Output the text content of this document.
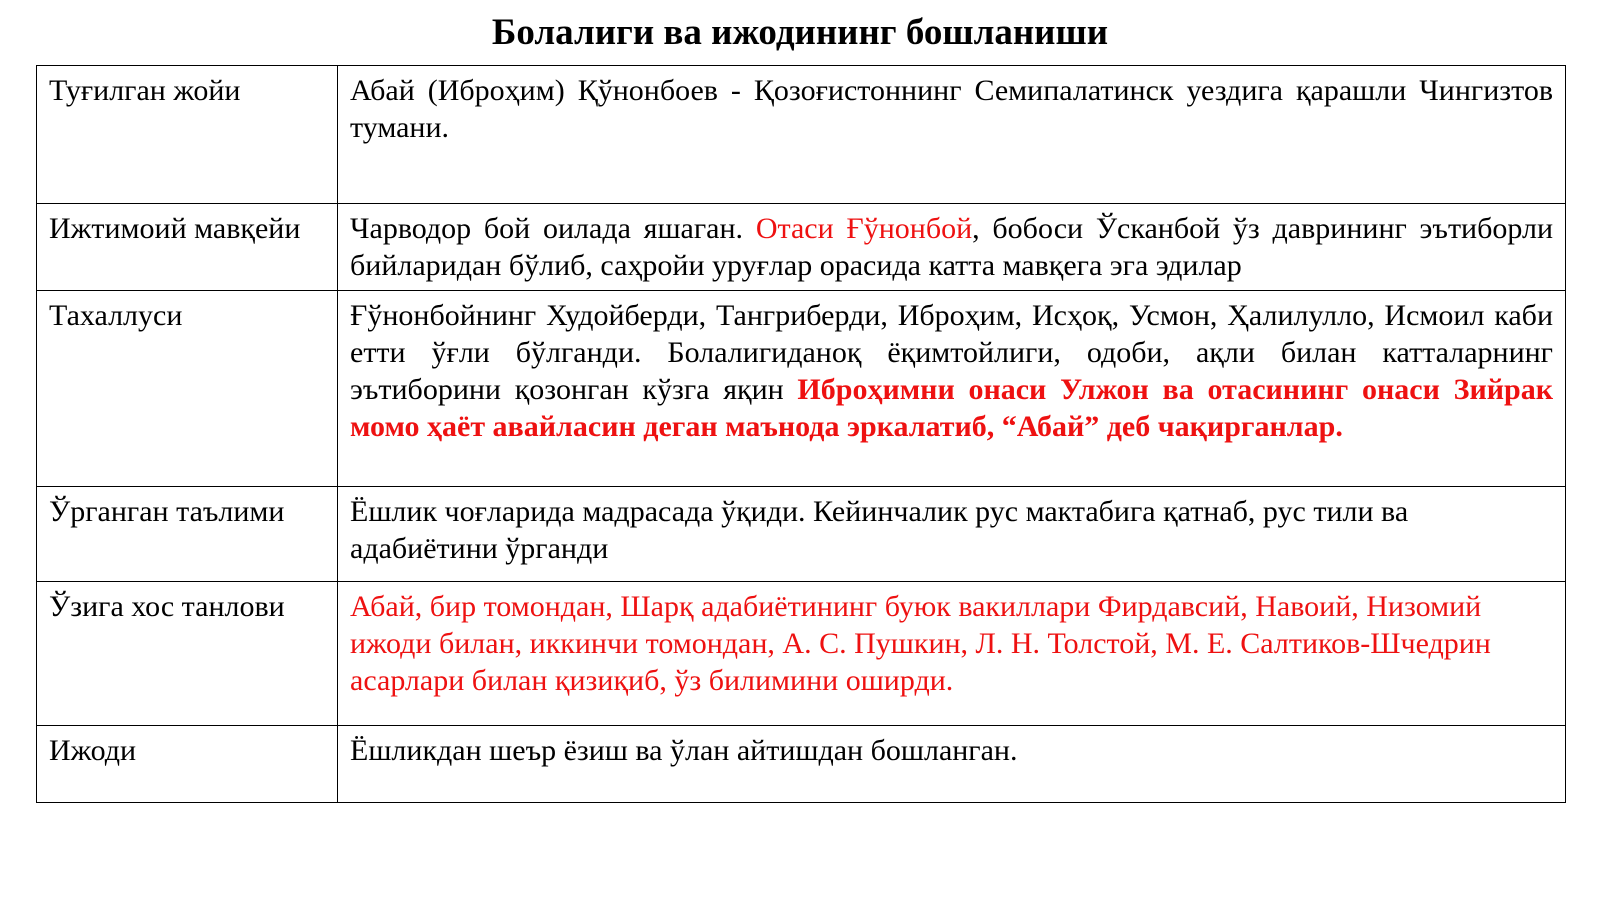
Болалиги ва ижодининг бошланиши
Туғилган жойи	Абай (Иброҳим) Қўнонбоев - Қозоғистоннинг Семипалатинск уездига қарашли Чингизтов тумани.
Ижтимоий мавқейи	Чарводор бой оилада яшаган. Отаси Ғўнонбой, бобоси Ўсканбой ўз даврининг эътиборли бийларидан бўлиб, саҳройи уруғлар орасида катта мавқега эга эдилар
Тахаллуси	Ғўнонбойнинг Худойберди, Тангриберди, Иброҳим, Исҳоқ, Усмон, Ҳалилулло, Исмоил каби етти ўғли бўлганди. Болалигиданоқ ёқимтойлиги, одоби, ақли билан катталарнинг эътиборини қозонган кўзга яқин Иброҳимни онаси Улжон ва отасининг онаси Зийрак момо ҳаёт авайласин деган маънода эркалатиб, “Абай” деб чақирганлар.
Ўрганган таълими	Ёшлик чоғларида мадрасада ўқиди. Кейинчалик рус мактабига қатнаб, рус тили ва адабиётини ўрганди
Ўзига хос танлови	Абай, бир томондан, Шарқ адабиётининг буюк вакиллари Фирдавсий, Навоий, Низомий ижоди билан, иккинчи томондан, А. С. Пушкин, Л. Н. Толстой, М. Е. Салтиков-Шчедрин асарлари билан қизиқиб, ўз билимини оширди.
Ижоди	Ёшликдан шеър ёзиш ва ўлан айтишдан бошланган.
